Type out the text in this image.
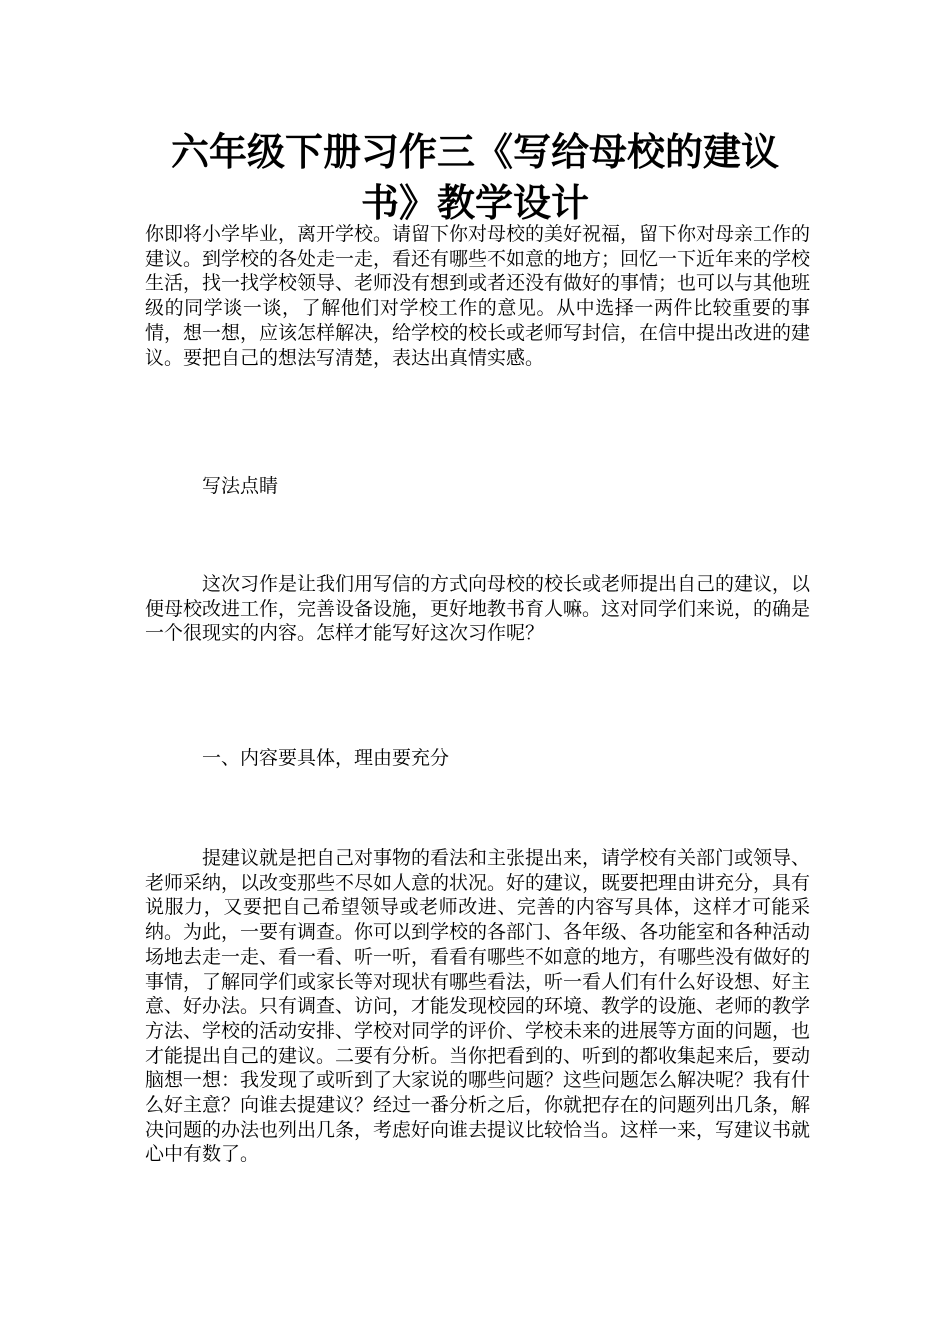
六年级下册习作三《写给母校的建议
书》教学设计

你即将小学毕业，离开学校。请留下你对母校的美好祝福，留下你对母亲工作的建议。到学校的各处走一走，看还有哪些不如意的地方；回忆一下近年来的学校生活，找一找学校领导、老师没有想到或者还没有做好的事情；也可以与其他班级的同学谈一谈，了解他们对学校工作的意见。从中选择一两件比较重要的事情，想一想，应该怎样解决，给学校的校长或老师写封信，在信中提出改进的建议。要把自己的想法写清楚，表达出真情实感。

写法点睛

这次习作是让我们用写信的方式向母校的校长或老师提出自己的建议，以便母校改进工作，完善设备设施，更好地教书育人嘛。这对同学们来说，的确是一个很现实的内容。怎样才能写好这次习作呢？

一、内容要具体，理由要充分

提建议就是把自己对事物的看法和主张提出来，请学校有关部门或领导、老师采纳，以改变那些不尽如人意的状况。好的建议，既要把理由讲充分，具有说服力，又要把自己希望领导或老师改进、完善的内容写具体，这样才可能采纳。为此，一要有调查。你可以到学校的各部门、各年级、各功能室和各种活动场地去走一走、看一看、听一听，看看有哪些不如意的地方，有哪些没有做好的事情，了解同学们或家长等对现状有哪些看法，听一看人们有什么好设想、好主意、好办法。只有调查、访问，才能发现校园的环境、教学的设施、老师的教学方法、学校的活动安排、学校对同学的评价、学校未来的进展等方面的问题，也才能提出自己的建议。二要有分析。当你把看到的、听到的都收集起来后，要动脑想一想：我发现了或听到了大家说的哪些问题？这些问题怎么解决呢？我有什么好主意？向谁去提建议？经过一番分析之后，你就把存在的问题列出几条，解决问题的办法也列出几条，考虑好向谁去提议比较恰当。这样一来，写建议书就心中有数了。
